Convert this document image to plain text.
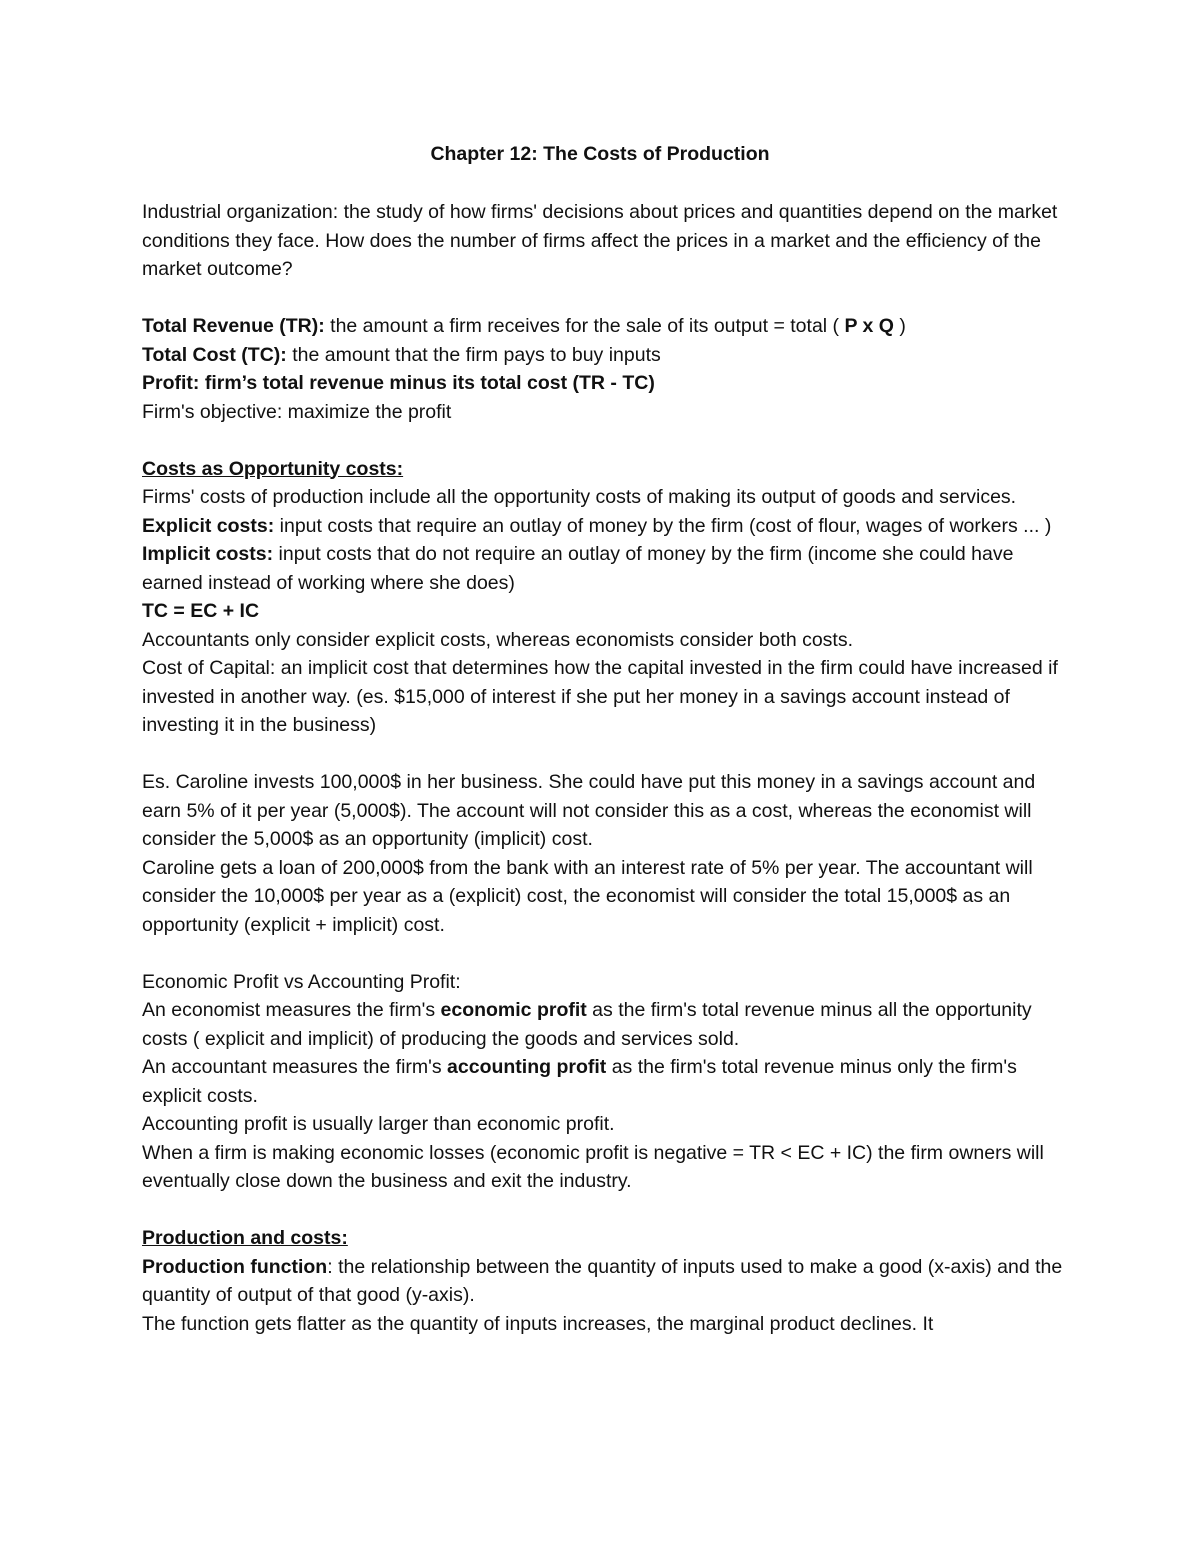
Chapter 12: The Costs of Production

Industrial organization: the study of how firms' decisions about prices and quantities depend on the market conditions they face. How does the number of firms affect the prices in a market and the efficiency of the market outcome?

Total Revenue (TR): the amount a firm receives for the sale of its output = total ( P x Q )

Total Cost (TC): the amount that the firm pays to buy inputs

Profit: firm’s total revenue minus its total cost (TR - TC)

Firm's objective: maximize the profit

Costs as Opportunity costs:

Firms' costs of production include all the opportunity costs of making its output of goods and services.

Explicit costs: input costs that require an outlay of money by the firm (cost of flour, wages of workers ... )

Implicit costs: input costs that do not require an outlay of money by the firm (income she could have earned instead of working where she does)

TC = EC + IC

Accountants only consider explicit costs, whereas economists consider both costs.

Cost of Capital: an implicit cost that determines how the capital invested in the firm could have increased if invested in another way. (es. $15,000 of interest if she put her money in a savings account instead of investing it in the business)

Es. Caroline invests 100,000$ in her business. She could have put this money in a savings account and earn 5% of it per year (5,000$). The account will not consider this as a cost, whereas the economist will consider the 5,000$ as an opportunity (implicit) cost.

Caroline gets a loan of 200,000$ from the bank with an interest rate of 5% per year. The accountant will consider the 10,000$ per year as a (explicit) cost, the economist will consider the total 15,000$ as an opportunity (explicit + implicit) cost.

Economic Profit vs Accounting Profit:

An economist measures the firm's economic profit as the firm's total revenue minus all the opportunity costs ( explicit and implicit) of producing the goods and services sold.

An accountant measures the firm's accounting profit as the firm's total revenue minus only the firm's explicit costs.

Accounting profit is usually larger than economic profit.

When a firm is making economic losses (economic profit is negative = TR < EC + IC) the firm owners will eventually close down the business and exit the industry.

Production and costs:

Production function: the relationship between the quantity of inputs used to make a good (x-axis) and the quantity of output of that good (y-axis).

The function gets flatter as the quantity of inputs increases, the marginal product declines. It
